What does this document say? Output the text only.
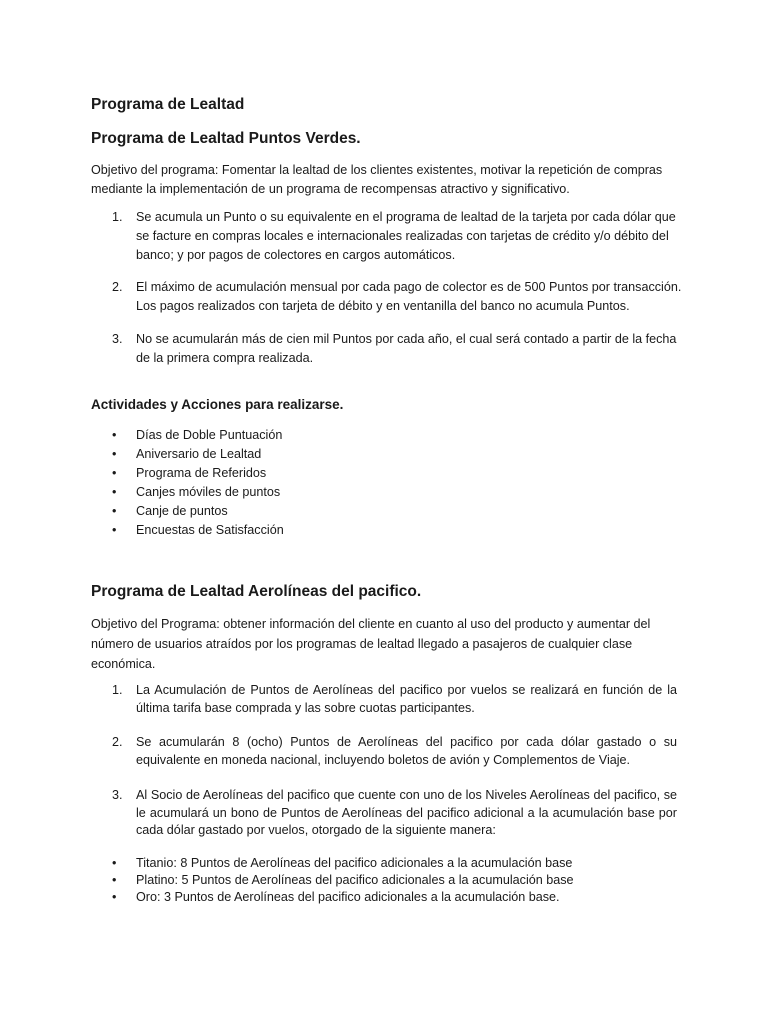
Programa de Lealtad
Programa de Lealtad Puntos Verdes.

Objetivo del programa: Fomentar la lealtad de los clientes existentes, motivar la repetición de compras mediante la implementación de un programa de recompensas atractivo y significativo.

1. Se acumula un Punto o su equivalente en el programa de lealtad de la tarjeta por cada dólar que se facture en compras locales e internacionales realizadas con tarjetas de crédito y/o débito del banco; y por pagos de colectores en cargos automáticos.

2. El máximo de acumulación mensual por cada pago de colector es de 500 Puntos por transacción. Los pagos realizados con tarjeta de débito y en ventanilla del banco no acumula Puntos.

3. No se acumularán más de cien mil Puntos por cada año, el cual será contado a partir de la fecha de la primera compra realizada.

Actividades y Acciones para realizarse.
• Días de Doble Puntuación
• Aniversario de Lealtad
• Programa de Referidos
• Canjes móviles de puntos
• Canje de puntos
• Encuestas de Satisfacción
Programa de Lealtad Aerolíneas del pacifico.

Objetivo del Programa: obtener información del cliente en cuanto al uso del producto y aumentar del número de usuarios atraídos por los programas de lealtad llegado a pasajeros de cualquier clase económica.

1. La Acumulación de Puntos de Aerolíneas del pacifico por vuelos se realizará en función de la última tarifa base comprada y las sobre cuotas participantes.

2. Se acumularán 8 (ocho) Puntos de Aerolíneas del pacifico por cada dólar gastado o su equivalente en moneda nacional, incluyendo boletos de avión y Complementos de Viaje.

3. Al Socio de Aerolíneas del pacifico que cuente con uno de los Niveles Aerolíneas del pacifico, se le acumulará un bono de Puntos de Aerolíneas del pacifico adicional a la acumulación base por cada dólar gastado por vuelos, otorgado de la siguiente manera:

• Titanio: 8 Puntos de Aerolíneas del pacifico adicionales a la acumulación base
• Platino: 5 Puntos de Aerolíneas del pacifico adicionales a la acumulación base
• Oro: 3 Puntos de Aerolíneas del pacifico adicionales a la acumulación base.
